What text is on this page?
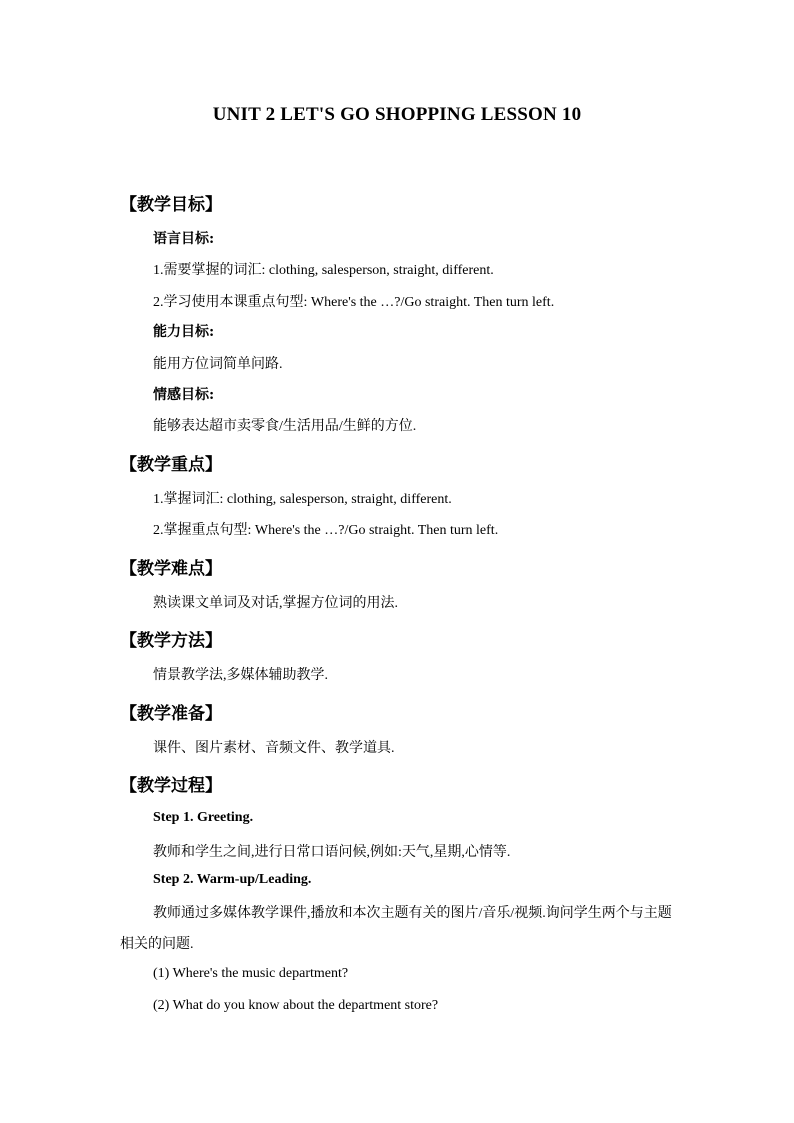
UNIT 2 LET'S GO SHOPPING LESSON 10
【教学目标】
语言目标:
1.需要掌握的词汇: clothing, salesperson, straight, different.
2.学习使用本课重点句型: Where's the …?/Go straight. Then turn left.
能力目标:
能用方位词简单问路.
情感目标:
能够表达超市卖零食/生活用品/生鲜的方位.
【教学重点】
1.掌握词汇: clothing, salesperson, straight, different.
2.掌握重点句型: Where's the …?/Go straight. Then turn left.
【教学难点】
熟读课文单词及对话,掌握方位词的用法.
【教学方法】
情景教学法,多媒体辅助教学.
【教学准备】
课件、图片素材、音频文件、教学道具.
【教学过程】
Step 1. Greeting.
教师和学生之间,进行日常口语问候,例如:天气,星期,心情等.
Step 2. Warm-up/Leading.
教师通过多媒体教学课件,播放和本次主题有关的图片/音乐/视频.询问学生两个与主题相关的问题.
(1) Where's the music department?
(2) What do you know about the department store?
